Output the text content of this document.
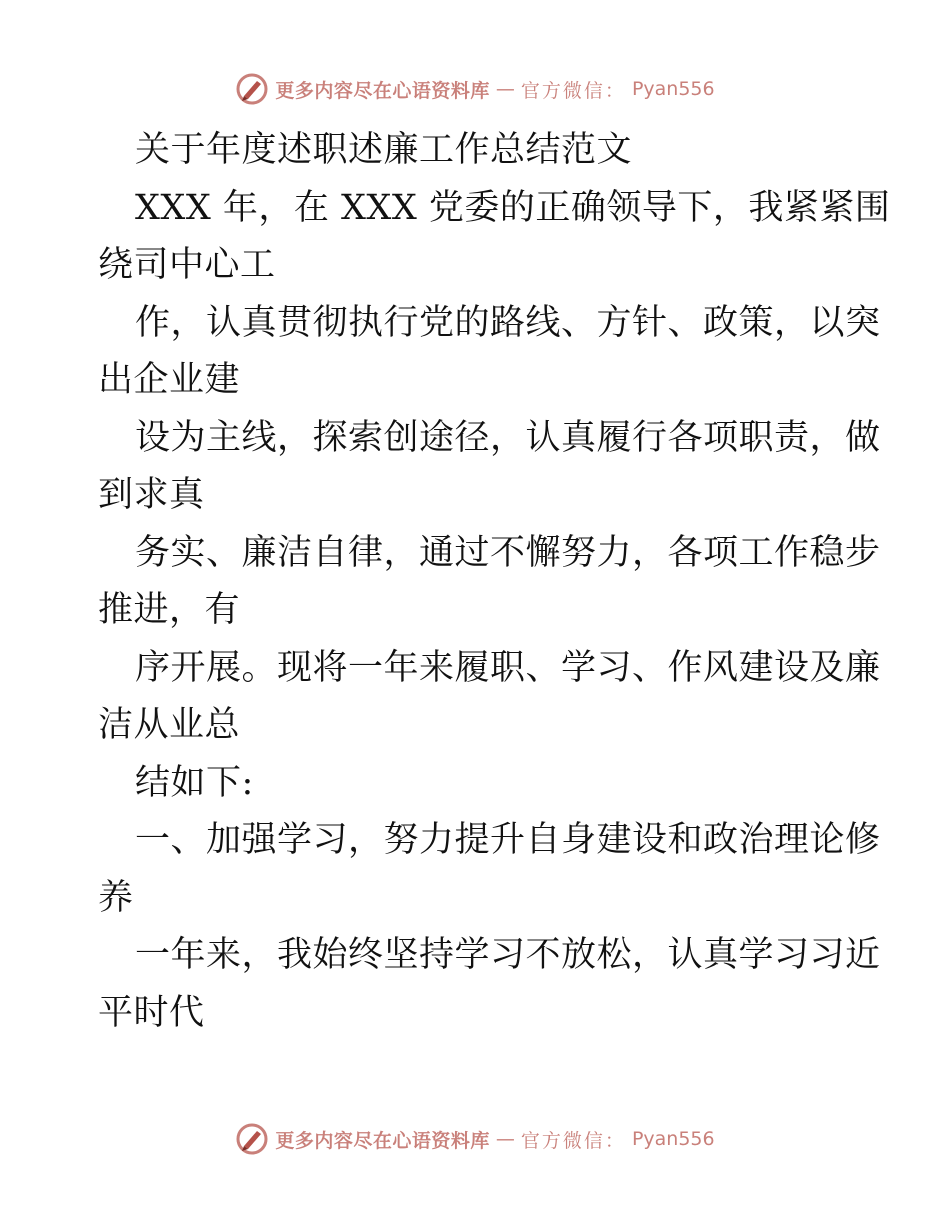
更多内容尽在心语资料库 — 官方微信： Pyan556
关于年度述职述廉工作总结范文
XXX 年，在 XXX 党委的正确领导下，我紧紧围
绕司中心工
作，认真贯彻执行党的路线、方针、政策，以突
出企业建
设为主线，探索创途径，认真履行各项职责，做
到求真
务实、廉洁自律，通过不懈努力，各项工作稳步
推进，有
序开展。现将一年来履职、学习、作风建设及廉
洁从业总
结如下:
一、加强学习，努力提升自身建设和政治理论修
养
一年来，我始终坚持学习不放松，认真学习习近
平时代
更多内容尽在心语资料库 — 官方微信： Pyan556
